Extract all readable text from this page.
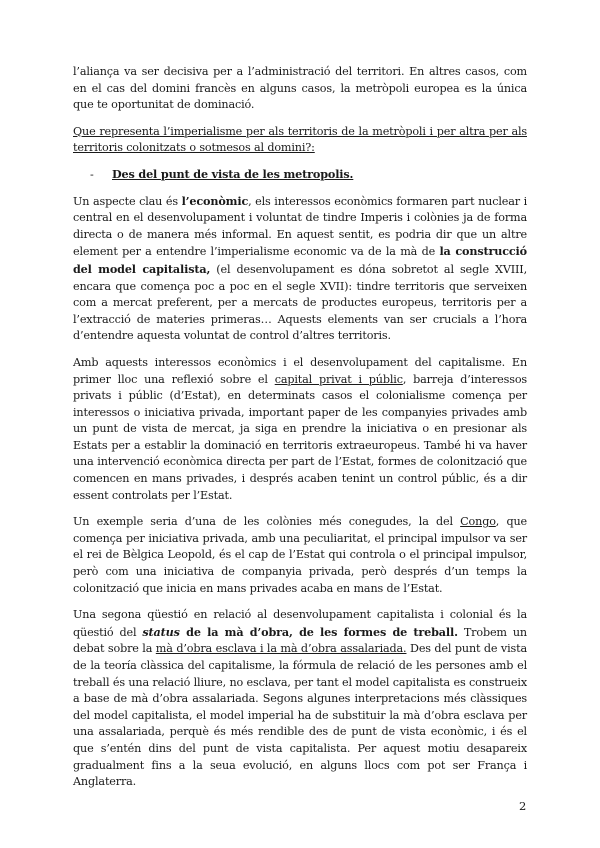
l’aliança va ser decisiva per a l’administració del territori. En altres casos, com en el cas del domini francès en alguns casos, la metròpoli europea es la única que te oportunitat de dominació.

Que representa l’imperialisme per als territoris de la metròpoli i per altra per als territoris colonitzats o sotmesos al domini?:

-	Des del punt de vista de les metropolis.

Un aspecte clau és l’econòmic, els interessos econòmics formaren part nuclear i central en el desenvolupament i voluntat de tindre Imperis i colònies ja de forma directa o de manera més informal. En aquest sentit, es podria dir que un altre element per a entendre l’imperialisme economic va de la mà de la construcció del model capitalista, (el desenvolupament es dóna sobretot al segle XVIII, encara que comença poc a poc en el segle XVII): tindre territoris que serveixen com a mercat preferent, per a mercats de productes europeus, territoris per a l’extracció de materies primeras… Aquests elements van ser crucials a l’hora d’entendre aquesta voluntat de control d’altres territoris.

Amb aquests interessos econòmics i el desenvolupament del capitalisme. En primer lloc una reflexió sobre el capital privat i públic, barreja d’interessos privats i públic (d’Estat), en determinats casos el colonialisme comença per interessos o iniciativa privada, important paper de les companyies privades amb un punt de vista de mercat, ja siga en prendre la iniciativa o en presionar als Estats per a establir la dominació en territoris extraeuropeus. També hi va haver una intervenció econòmica directa per part de l’Estat, formes de colonització que comencen en mans privades, i després acaben tenint un control públic, és a dir essent controlats per l’Estat.

Un exemple seria d’una de les colònies més conegudes, la del Congo, que comença per iniciativa privada, amb una peculiaritat, el principal impulsor va ser el rei de Bèlgica Leopold, és el cap de l’Estat qui controla o el principal impulsor, però com una iniciativa de companyia privada, però després d’un temps la colonització que inicia en mans privades acaba en mans de l’Estat.

Una segona qüestió en relació al desenvolupament capitalista i colonial és la qüestió del status de la mà d’obra, de les formes de treball. Trobem un debat sobre la mà d’obra esclava i la mà d’obra assalariada. Des del punt de vista de la teoría clàssica del capitalisme, la fórmula de relació de les persones amb el treball és una relació lliure, no esclava, per tant el model capitalista es construeix a base de mà d’obra assalariada. Segons algunes interpretacions més clàssiques del model capitalista, el model imperial ha de substituir la mà d’obra esclava per una assalariada, perquè és més rendible des de punt de vista econòmic, i és el que s’entén dins del punt de vista capitalista. Per aquest motiu desapareix gradualment fins a la seua evolució, en alguns llocs com pot ser França i Anglaterra.

2
